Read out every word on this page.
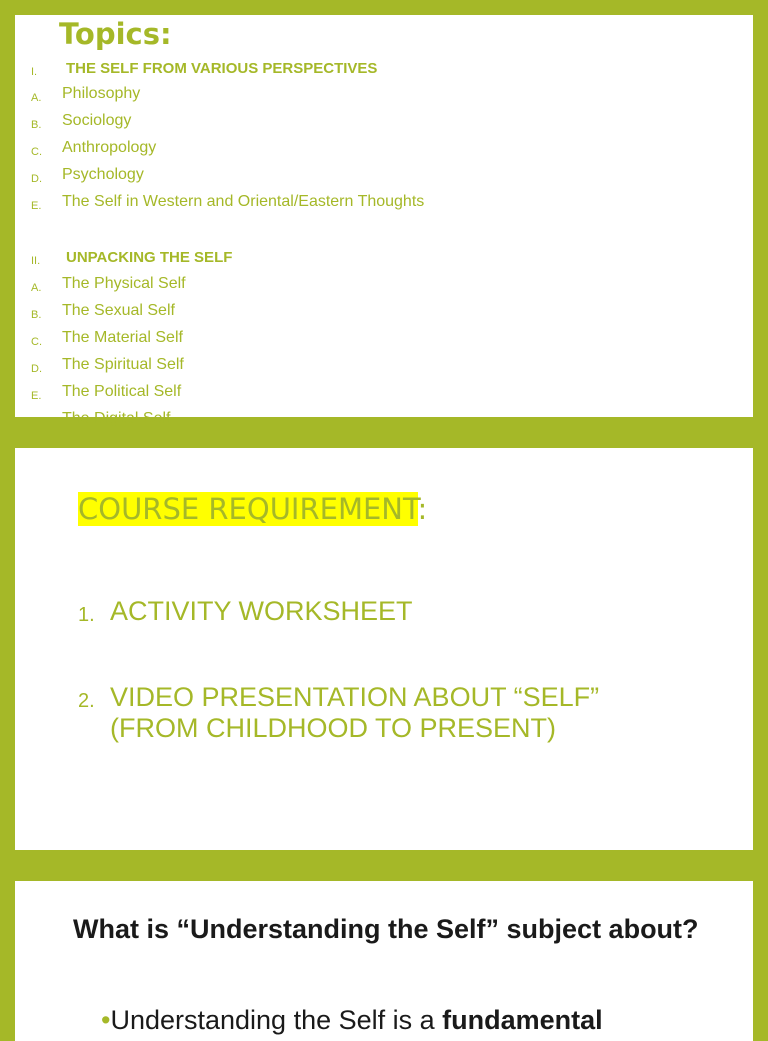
Topics:
I. THE SELF FROM VARIOUS PERSPECTIVES
A. Philosophy
B. Sociology
C. Anthropology
D. Psychology
E. The Self in Western and Oriental/Eastern Thoughts
II. UNPACKING THE SELF
A. The Physical Self
B. The Sexual Self
C. The Material Self
D. The Spiritual Self
E. The Political Self
F. The Digital Self
COURSE REQUIREMENT:
1. ACTIVITY WORKSHEET
2. VIDEO PRESENTATION ABOUT “SELF”
(FROM CHILDHOOD TO PRESENT)
What is “Understanding the Self” subject about?
•Understanding the Self is a fundamental
